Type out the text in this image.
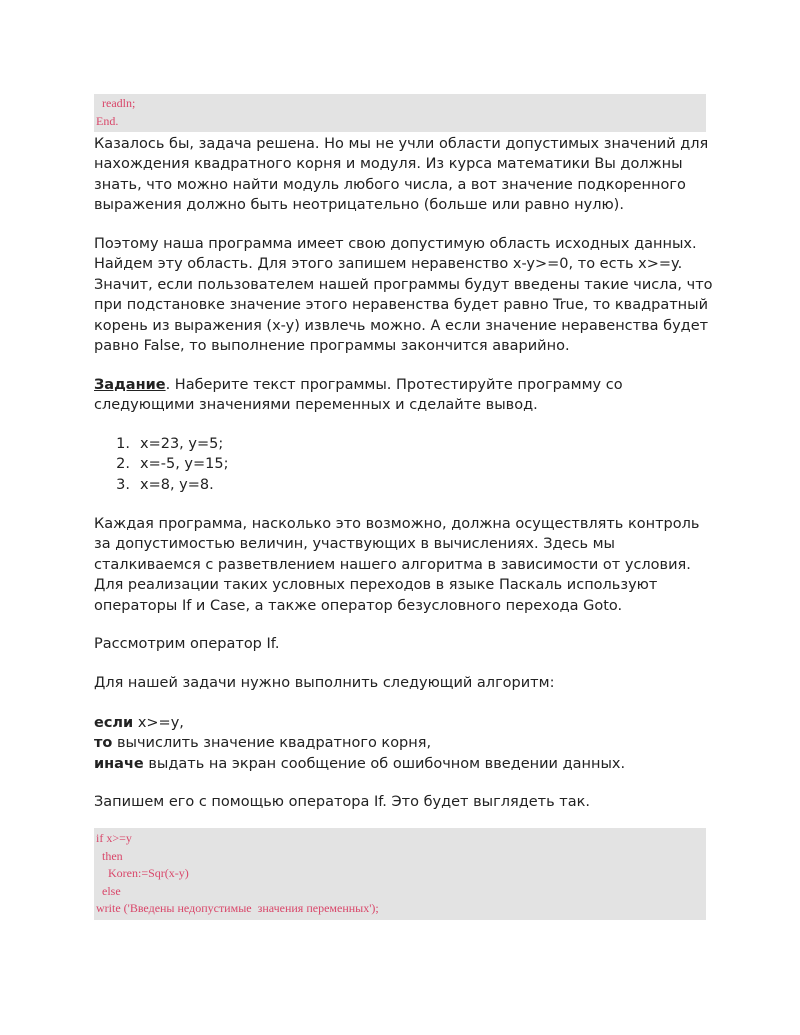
readln;
End.

Казалось бы, задача решена. Но мы не учли области допустимых значений для нахождения квадратного корня и модуля. Из курса математики Вы должны знать, что можно найти модуль любого числа, а вот значение подкоренного выражения должно быть неотрицательно (больше или равно нулю).

Поэтому наша программа имеет свою допустимую область исходных данных. Найдем эту область. Для этого запишем неравенство x-y>=0, то есть x>=y. Значит, если пользователем нашей программы будут введены такие числа, что при подстановке значение этого неравенства будет равно True, то квадратный корень из выражения (x-y) извлечь можно. А если значение неравенства будет равно False, то выполнение программы закончится аварийно.

Задание. Наберите текст программы. Протестируйте программу со следующими значениями переменных и сделайте вывод.

1. x=23, y=5;
2. x=-5, y=15;
3. x=8, y=8.

Каждая программа, насколько это возможно, должна осуществлять контроль за допустимостью величин, участвующих в вычислениях. Здесь мы сталкиваемся с разветвлением нашего алгоритма в зависимости от условия. Для реализации таких условных переходов в языке Паскаль используют операторы If и Case, а также оператор безусловного перехода Goto.

Рассмотрим оператор If.

Для нашей задачи нужно выполнить следующий алгоритм:

если x>=y,
то вычислить значение квадратного корня,
иначе выдать на экран сообщение об ошибочном введении данных.

Запишем его с помощью оператора If. Это будет выглядеть так.

if x>=y
then
Koren:=Sqr(x-y)
else
write ('Введены недопустимые  значения переменных');
